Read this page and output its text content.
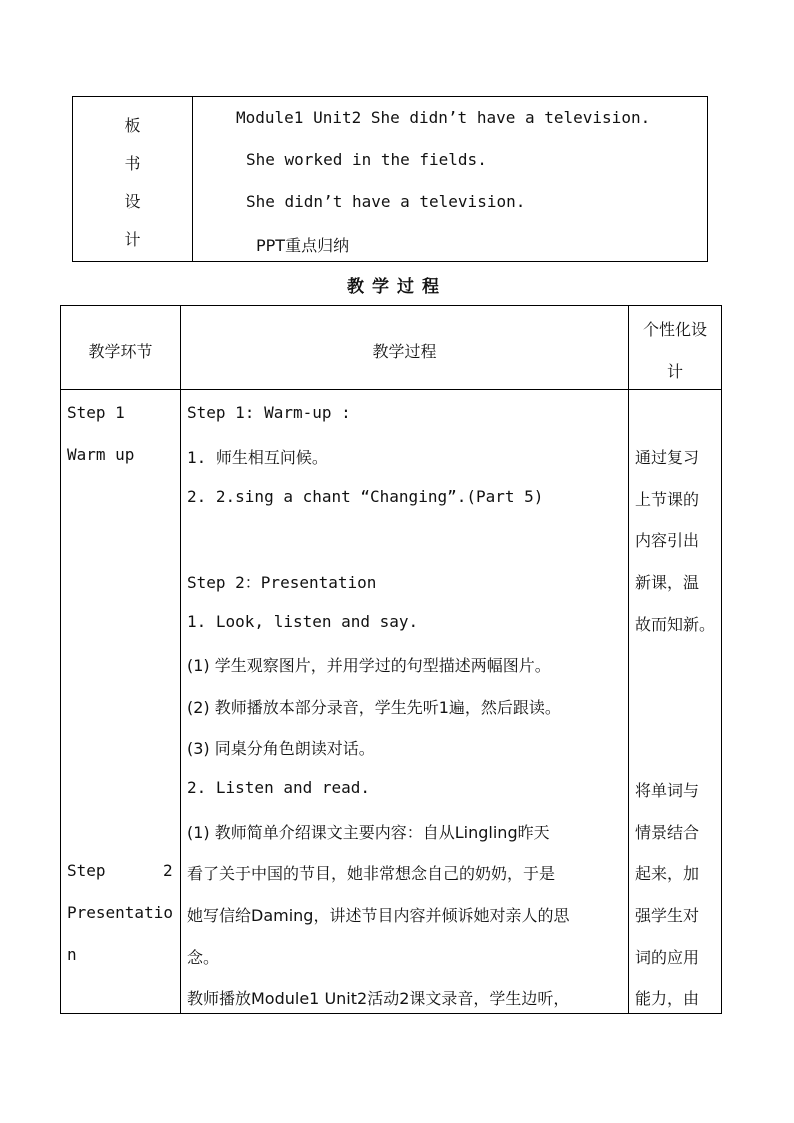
板
书
设
计
Module1 Unit2 She didn’t have a television.
She worked in the fields.
She didn’t have a television.
PPT重点归纳
教学过程
教学环节	教学过程
个性化设
计
Step 1
Warm up
Step	2
Presentatio
n
Step 1: Warm-up :
1. 师生相互问候。
2. 2.sing a chant “Changing”.(Part 5)
Step 2：Presentation
1. Look, listen and say.
(1) 学生观察图片，并用学过的句型描述两幅图片。
(2) 教师播放本部分录音，学生先听1遍，然后跟读。
(3) 同桌分角色朗读对话。
2. Listen and read.
(1) 教师简单介绍课文主要内容：自从Lingling昨天
看了关于中国的节目，她非常想念自己的奶奶，于是
她写信给Daming，讲述节目内容并倾诉她对亲人的思
念。
教师播放Module1 Unit2活动2课文录音，学生边听，
通过复习
上节课的
内容引出
新课，温
故而知新。
将单词与
情景结合
起来，加
强学生对
词的应用
能力，由
